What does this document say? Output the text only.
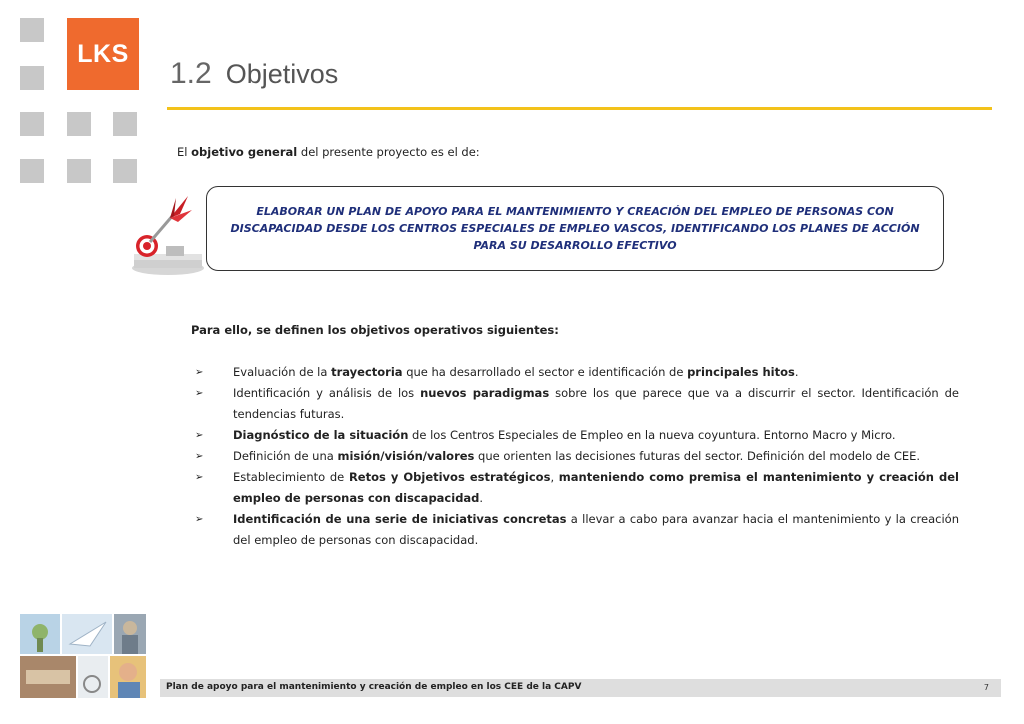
LKS
1.2 Objetivos
El objetivo general del presente proyecto es el de:

ELABORAR UN PLAN DE APOYO PARA EL MANTENIMIENTO Y CREACIÓN DEL EMPLEO DE PERSONAS CON DISCAPACIDAD DESDE LOS CENTROS ESPECIALES DE EMPLEO VASCOS, IDENTIFICANDO LOS PLANES DE ACCIÓN PARA SU DESARROLLO EFECTIVO

Para ello, se definen los objetivos operativos siguientes:
➢	Evaluación de la trayectoria que ha desarrollado el sector e identificación de principales hitos.
➢	Identificación y análisis de los nuevos paradigmas sobre los que parece que va a discurrir el sector. Identificación de tendencias futuras.
➢	Diagnóstico de la situación de los Centros Especiales de Empleo en la nueva coyuntura. Entorno Macro y Micro.
➢	Definición de una misión/visión/valores que orienten las decisiones futuras del sector. Definición del modelo de CEE.
➢	Establecimiento de Retos y Objetivos estratégicos, manteniendo como premisa el mantenimiento y creación del empleo de personas con discapacidad.
➢	Identificación de una serie de iniciativas concretas a llevar a cabo para avanzar hacia el mantenimiento y la creación del empleo de personas con discapacidad.
Plan de apoyo para el mantenimiento y creación de empleo en los CEE de la CAPV	7
